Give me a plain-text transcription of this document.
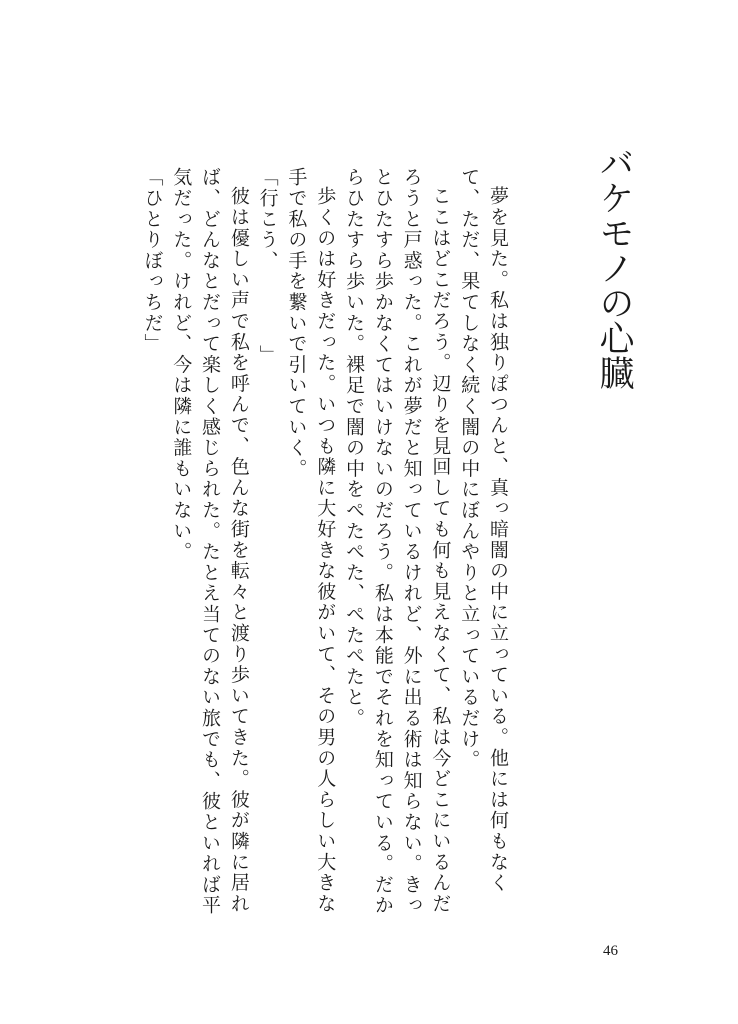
バケモノの心臓

夢を見た。私は独りぽつんと、真っ暗闇の中に立っている。他には何もなくて、ただ、果てしなく続く闇の中にぼんやりと立っているだけ。

ここはどこだろう。辺りを見回しても何も見えなくて、私は今どこにいるんだろうと戸惑った。これが夢だと知っているけれど、外に出る術は知らない。きっとひたすら歩かなくてはいけないのだろう。私は本能でそれを知っている。だからひたすら歩いた。裸足で闇の中をぺたぺた、ぺたぺたと。

歩くのは好きだった。いつも隣に大好きな彼がいて、その男の人らしい大きな手で私の手を繋いで引いていく。

「行こう、　　　　」

彼は優しい声で私を呼んで、色んな街を転々と渡り歩いてきた。彼が隣に居れば、どんなとだって楽しく感じられた。たとえ当てのない旅でも、彼といれば平気だった。けれど、今は隣に誰もいない。

「ひとりぼっちだ」

46
